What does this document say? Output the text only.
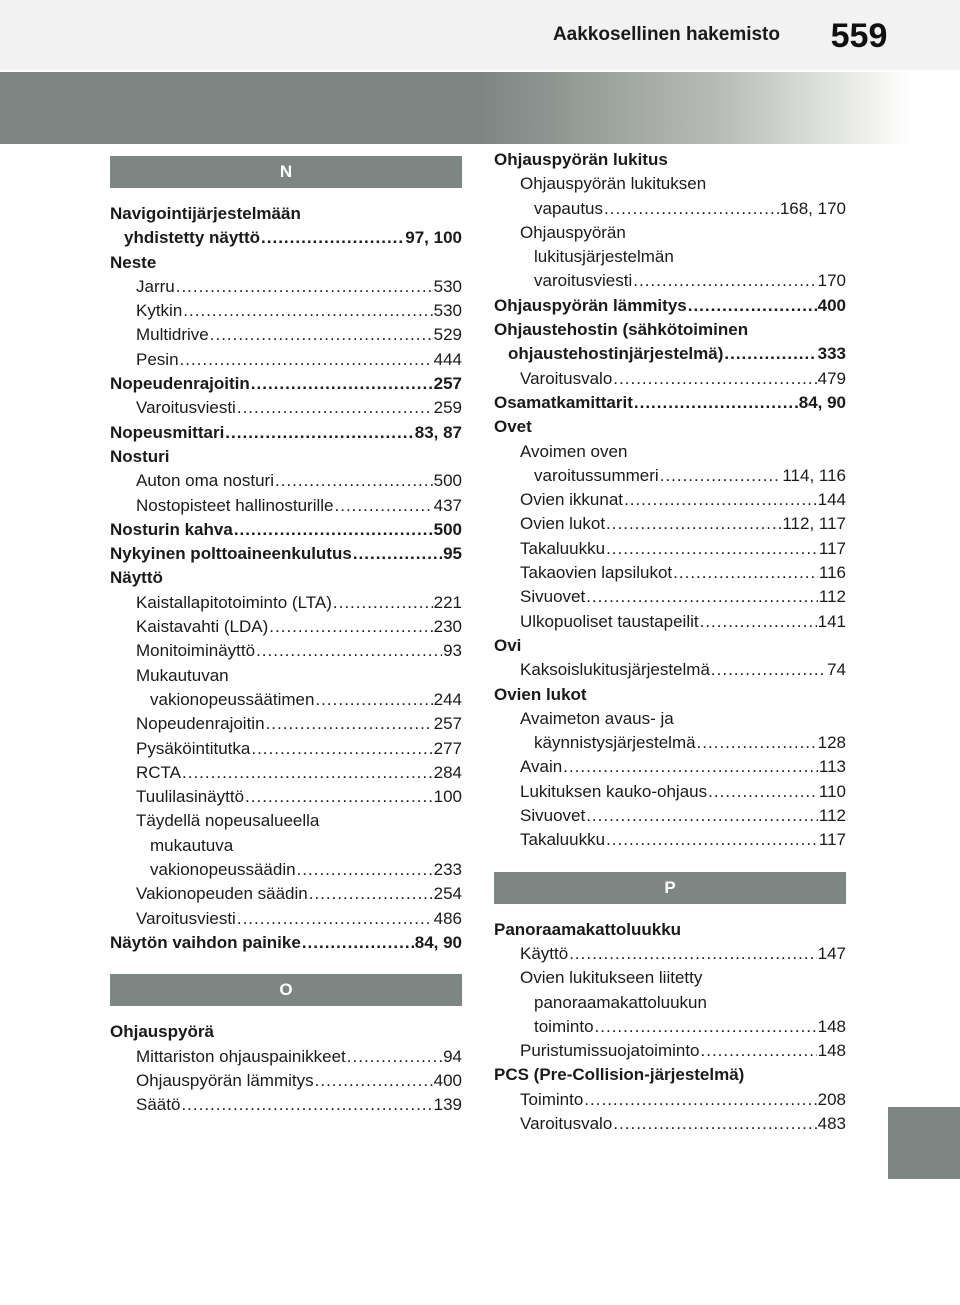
Aakkosellinen hakemisto	559
N
Navigointijärjestelmään
yhdistetty näyttö .....	97, 100
Neste
Jarru .....	530
Kytkin .....	530
Multidrive .....	529
Pesin .....	444
Nopeudenrajoitin .....	257
Varoitusviesti .....	259
Nopeusmittari .....	83, 87
Nosturi
Auton oma nosturi .....	500
Nostopisteet hallinosturille .....	437
Nosturin kahva .....	500
Nykyinen polttoaineenkulutus .....	95
Näyttö
Kaistallapitotoiminto (LTA) .....	221
Kaistavahti (LDA) .....	230
Monitoiminäyttö .....	93
Mukautuvan
vakionopeussäätimen .....	244
Nopeudenrajoitin .....	257
Pysäköintitutka .....	277
RCTA .....	284
Tuulilasinäyttö .....	100
Täydellä nopeusalueella
mukautuva
vakionopeussäädin .....	233
Vakionopeuden säädin .....	254
Varoitusviesti .....	486
Näytön vaihdon painike .....	84, 90
O
Ohjauspyörä
Mittariston ohjauspainikkeet .....	94
Ohjauspyörän lämmitys .....	400
Säätö .....	139
Ohjauspyörän lukitus
Ohjauspyörän lukituksen
vapautus .....	168, 170
Ohjauspyörän
lukitusjärjestelmän
varoitusviesti .....	170
Ohjauspyörän lämmitys .....	400
Ohjaustehostin (sähkötoiminen
ohjaustehostinjärjestelmä) .....	333
Varoitusvalo .....	479
Osamatkamittarit .....	84, 90
Ovet
Avoimen oven
varoitussummeri .....	114, 116
Ovien ikkunat .....	144
Ovien lukot .....	112, 117
Takaluukku .....	117
Takaovien lapsilukot .....	116
Sivuovet .....	112
Ulkopuoliset taustapeilit .....	141
Ovi
Kaksoislukitusjärjestelmä .....	74
Ovien lukot
Avaimeton avaus- ja
käynnistysjärjestelmä .....	128
Avain .....	113
Lukituksen kauko-ohjaus .....	110
Sivuovet .....	112
Takaluukku .....	117
P
Panoraamakattoluukku
Käyttö .....	147
Ovien lukitukseen liitetty
panoraamakattoluukun
toiminto .....	148
Puristumissuojatoiminto .....	148
PCS (Pre-Collision-järjestelmä)
Toiminto .....	208
Varoitusvalo .....	483
